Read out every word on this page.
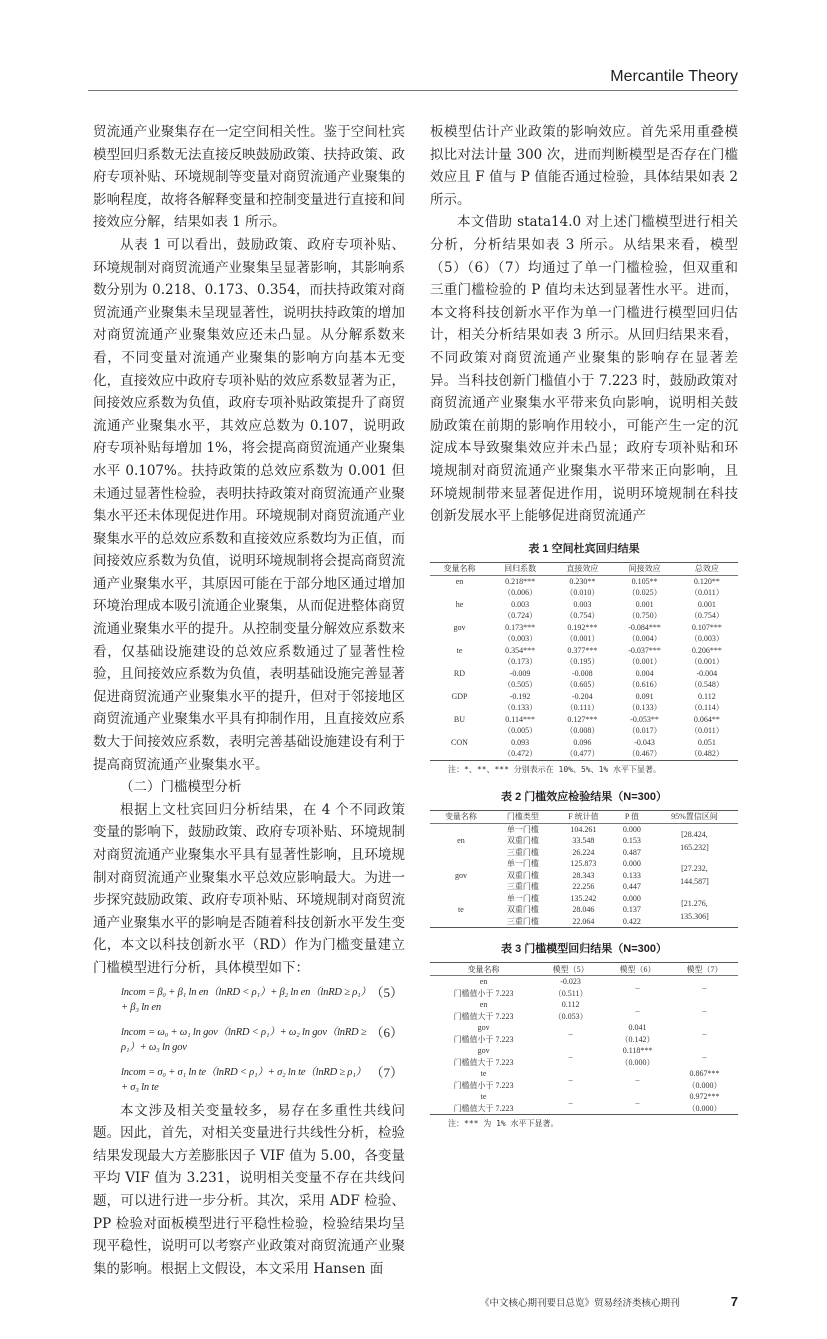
Mercantile Theory

贸流通产业聚集存在一定空间相关性。鉴于空间杜宾模型回归系数无法直接反映鼓励政策、扶持政策、政府专项补贴、环境规制等变量对商贸流通产业聚集的影响程度，故将各解释变量和控制变量进行直接和间接效应分解，结果如表 1 所示。

从表 1 可以看出，鼓励政策、政府专项补贴、环境规制对商贸流通产业聚集呈显著影响，其影响系数分别为 0.218、0.173、0.354，而扶持政策对商贸流通产业聚集未呈现显著性，说明扶持政策的增加对商贸流通产业聚集效应还未凸显。从分解系数来看，不同变量对流通产业聚集的影响方向基本无变化，直接效应中政府专项补贴的效应系数显著为正，间接效应系数为负值，政府专项补贴政策提升了商贸流通产业聚集水平，其效应总数为 0.107，说明政府专项补贴每增加 1%，将会提高商贸流通产业聚集水平 0.107%。扶持政策的总效应系数为 0.001 但未通过显著性检验，表明扶持政策对商贸流通产业聚集水平还未体现促进作用。环境规制对商贸流通产业聚集水平的总效应系数和直接效应系数均为正值，而间接效应系数为负值，说明环境规制将会提高商贸流通产业聚集水平，其原因可能在于部分地区通过增加环境治理成本吸引流通企业聚集，从而促进整体商贸流通业聚集水平的提升。从控制变量分解效应系数来看，仅基础设施建设的总效应系数通过了显著性检验，且间接效应系数为负值，表明基础设施完善显著促进商贸流通产业聚集水平的提升，但对于邻接地区商贸流通产业聚集水平具有抑制作用，且直接效应系数大于间接效应系数，表明完善基础设施建设有利于提高商贸流通产业聚集水平。

（二）门槛模型分析

根据上文杜宾回归分析结果，在 4 个不同政策变量的影响下，鼓励政策、政府专项补贴、环境规制对商贸流通产业聚集水平具有显著性影响，且环境规制对商贸流通产业聚集水平总效应影响最大。为进一步探究鼓励政策、政府专项补贴、环境规制对商贸流通产业聚集水平的影响是否随着科技创新水平发生变化，本文以科技创新水平（RD）作为门槛变量建立门槛模型进行分析，具体模型如下：

lncom = β₀ + β₁ ln en（lnRD < ρ₁）+ β₂ ln en（lnRD ≥ ρ₁）+ β₃ ln en
（5）
lncom = ω₀ + ω₁ ln gov（lnRD < ρ₁）+ ω₂ ln gov（lnRD ≥ ρ₁）+ ω₃ ln gov
（6）
lncom = σ₀ + σ₁ ln te（lnRD < ρ₁）+ σ₂ ln te（lnRD ≥ ρ₁）+ σ₃ ln te
（7）

本文涉及相关变量较多，易存在多重性共线问题。因此，首先，对相关变量进行共线性分析，检验结果发现最大方差膨胀因子 VIF 值为 5.00，各变量平均 VIF 值为 3.231，说明相关变量不存在共线问题，可以进行进一步分析。其次，采用 ADF 检验、PP 检验对面板模型进行平稳性检验，检验结果均呈现平稳性，说明可以考察产业政策对商贸流通产业聚集的影响。根据上文假设，本文采用 Hansen 面

板模型估计产业政策的影响效应。首先采用重叠模拟比对法计量 300 次，进而判断模型是否存在门槛效应且 F 值与 P 值能否通过检验，具体结果如表 2 所示。

本文借助 stata14.0 对上述门槛模型进行相关分析，分析结果如表 3 所示。从结果来看，模型（5）（6）（7）均通过了单一门槛检验，但双重和三重门槛检验的 P 值均未达到显著性水平。进而，本文将科技创新水平作为单一门槛进行模型回归估计，相关分析结果如表 3 所示。从回归结果来看，不同政策对商贸流通产业聚集的影响存在显著差异。当科技创新门槛值小于 7.223 时，鼓励政策对商贸流通产业聚集水平带来负向影响，说明相关鼓励政策在前期的影响作用较小，可能产生一定的沉淀成本导致聚集效应并未凸显；政府专项补贴和环境规制对商贸流通产业聚集水平带来正向影响，且环境规制带来显著促进作用，说明环境规制在科技创新发展水平上能够促进商贸流通产

表 1 空间杜宾回归结果
变量名称	回归系数	直接效应	间接效应	总效应
en	0.218***	0.230**	0.105**	0.120**
	（0.006）	（0.010）	（0.025）	（0.011）
he	0.003	0.003	0.001	0.001
	（0.724）	（0.754）	（0.750）	（0.754）
gov	0.173***	0.192***	-0.084***	0.107***
	（0.003）	（0.001）	（0.004）	（0.003）
te	0.354***	0.377***	-0.037***	0.206***
	（0.173）	（0.195）	（0.001）	（0.001）
RD	-0.009	-0.008	0.004	-0.004
	（0.505）	（0.605）	（0.616）	（0.548）
GDP	-0.192	-0.204	0.091	0.112
	（0.133）	（0.111）	（0.133）	（0.114）
BU	0.114***	0.127***	-0.053**	0.064**
	（0.005）	（0.008）	（0.017）	（0.011）
CON	0.093	0.096	-0.043	0.051
	（0.472）	（0.477）	（0.467）	（0.482）
注：*、**、*** 分别表示在 10%、5%、1% 水平下显著。
表 2 门槛效应检验结果（N=300）
变量名称	门槛类型	F 统计值	P 值	95%置信区间
en	单一门槛	104.261	0.000	[28.424,
165.232]

	双重门槛	33.548	0.153	
	三重门槛	26.224	0.487	
gov	单一门槛	125.873	0.000	[27.232,
144.587]

	双重门槛	28.343	0.133	
	三重门槛	22.256	0.447	
te	单一门槛	135.242	0.000	[21.276,
135.306]

	双重门槛	28.046	0.137	
	三重门槛	22.064	0.422	
表 3 门槛模型回归结果（N=300）
变量名称	模型（5）	模型（6）	模型（7）
en	-0.023	–	–
门槛值小于 7.223	（0.511）		
en	0.112	–	–
门槛值大于 7.223	（0.053）		
gov	–	0.041	–
门槛值小于 7.223		（0.142）	
gov	–	0.118***	–
门槛值大于 7.223		（0.000）	
te	–	–	0.867***
门槛值小于 7.223			（0.000）
te	–	–	0.972***
门槛值大于 7.223			（0.000）
注：*** 为 1% 水平下显著。
《中文核心期刊要目总览》贸易经济类核心期刊	7
